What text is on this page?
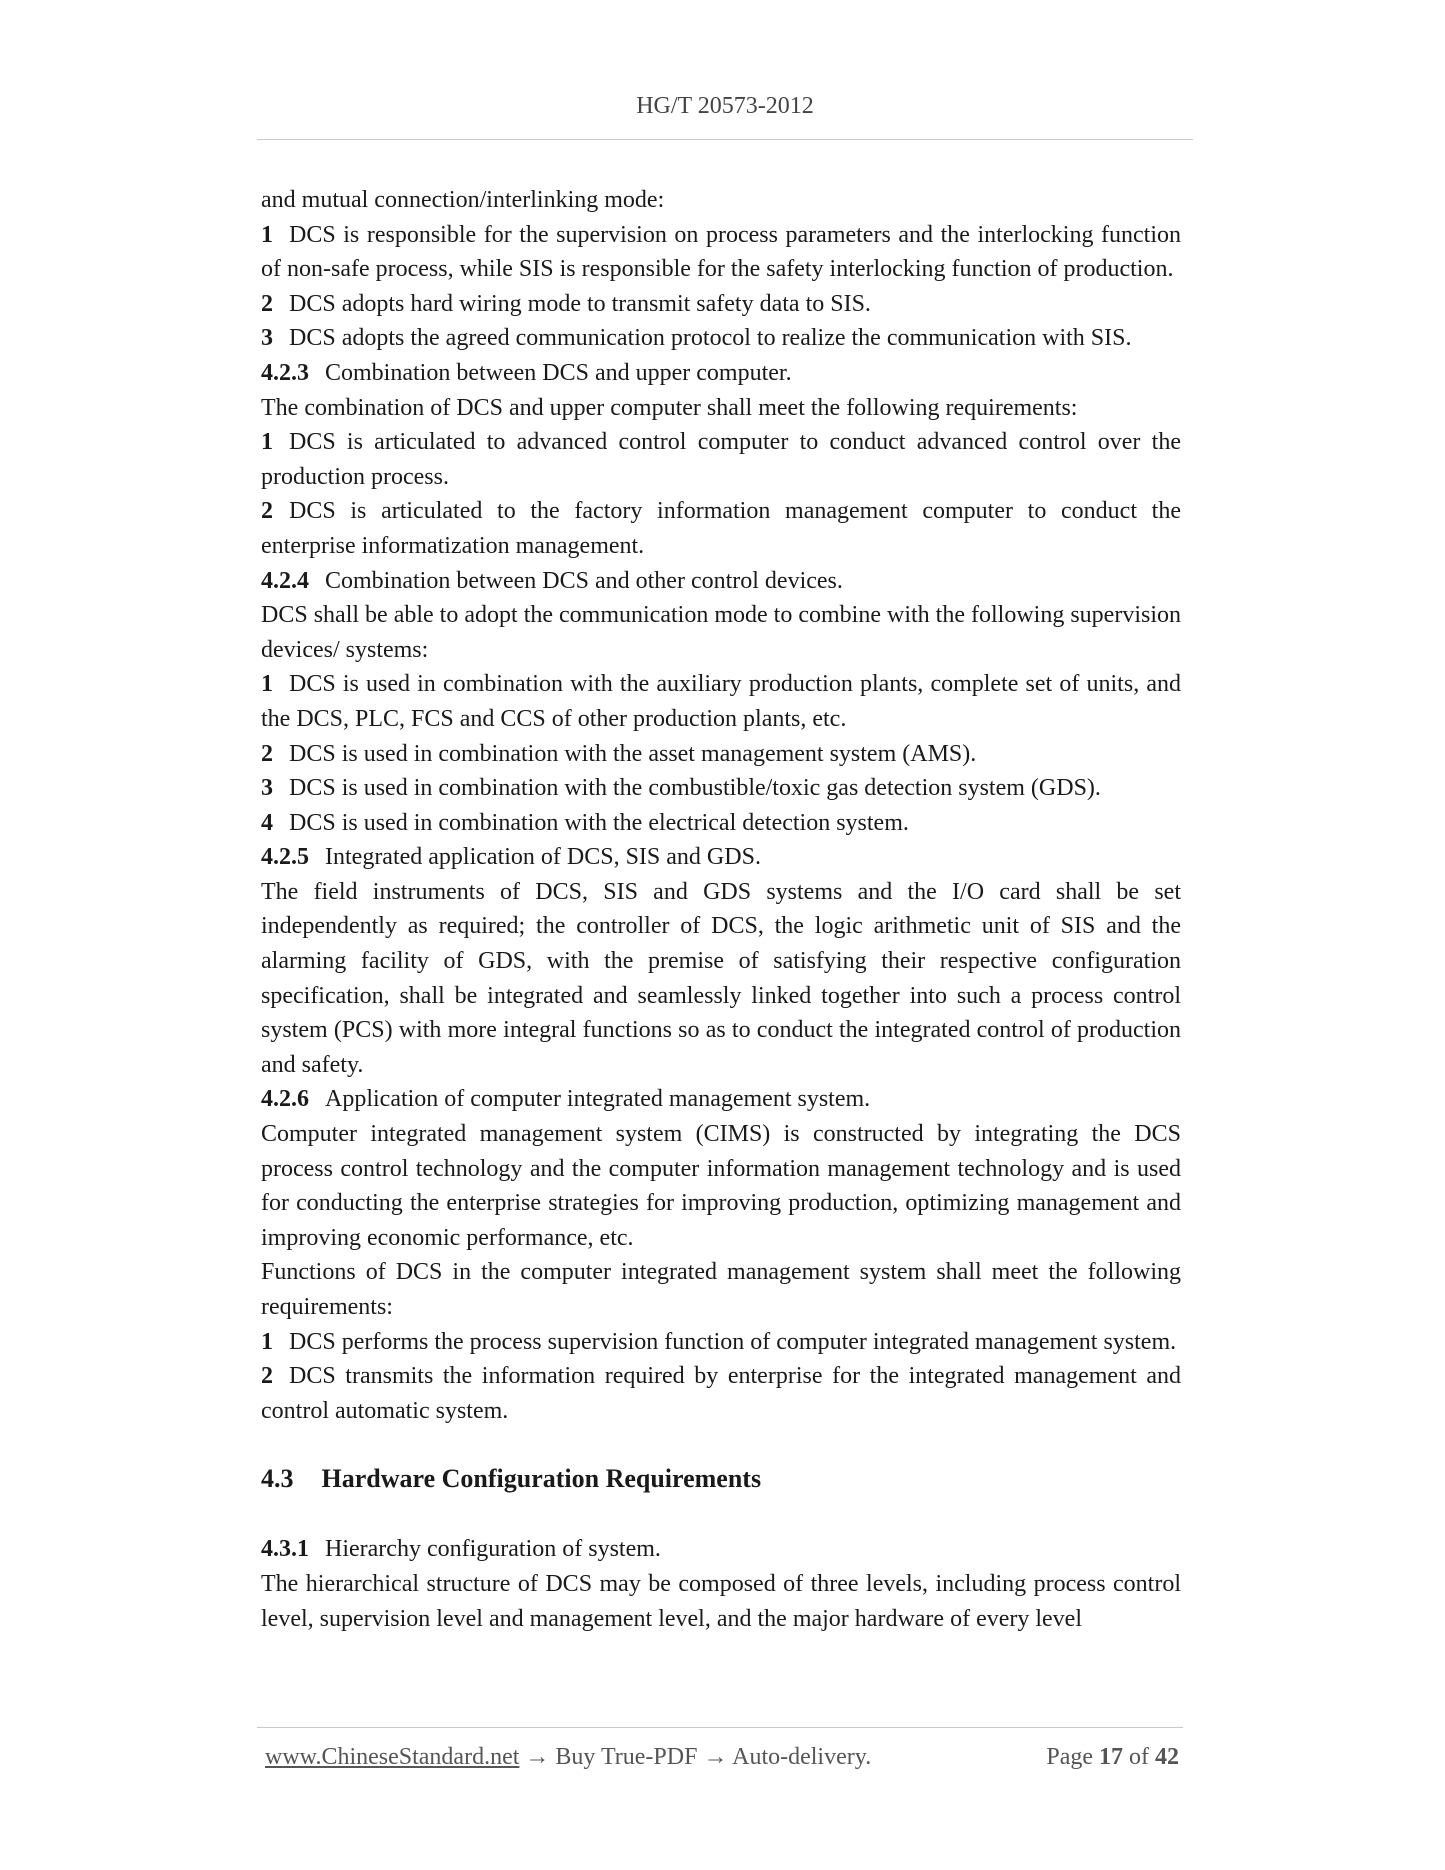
HG/T 20573-2012

and mutual connection/interlinking mode:

1 DCS is responsible for the supervision on process parameters and the interlocking function of non-safe process, while SIS is responsible for the safety interlocking function of production.

2 DCS adopts hard wiring mode to transmit safety data to SIS.

3 DCS adopts the agreed communication protocol to realize the communication with SIS.

4.2.3 Combination between DCS and upper computer.

The combination of DCS and upper computer shall meet the following requirements:

1 DCS is articulated to advanced control computer to conduct advanced control over the production process.

2 DCS is articulated to the factory information management computer to conduct the enterprise informatization management.

4.2.4 Combination between DCS and other control devices.

DCS shall be able to adopt the communication mode to combine with the following supervision devices/ systems:

1 DCS is used in combination with the auxiliary production plants, complete set of units, and the DCS, PLC, FCS and CCS of other production plants, etc.

2 DCS is used in combination with the asset management system (AMS).

3 DCS is used in combination with the combustible/toxic gas detection system (GDS).

4 DCS is used in combination with the electrical detection system.

4.2.5 Integrated application of DCS, SIS and GDS.

The field instruments of DCS, SIS and GDS systems and the I/O card shall be set independently as required; the controller of DCS, the logic arithmetic unit of SIS and the alarming facility of GDS, with the premise of satisfying their respective configuration specification, shall be integrated and seamlessly linked together into such a process control system (PCS) with more integral functions so as to conduct the integrated control of production and safety.

4.2.6 Application of computer integrated management system.

Computer integrated management system (CIMS) is constructed by integrating the DCS process control technology and the computer information management technology and is used for conducting the enterprise strategies for improving production, optimizing management and improving economic performance, etc.

Functions of DCS in the computer integrated management system shall meet the following requirements:

1 DCS performs the process supervision function of computer integrated management system.

2 DCS transmits the information required by enterprise for the integrated management and control automatic system.

4.3 Hardware Configuration Requirements

4.3.1 Hierarchy configuration of system.

The hierarchical structure of DCS may be composed of three levels, including process control level, supervision level and management level, and the major hardware of every level

www.ChineseStandard.net → Buy True-PDF → Auto-delivery.	Page 17 of 42
